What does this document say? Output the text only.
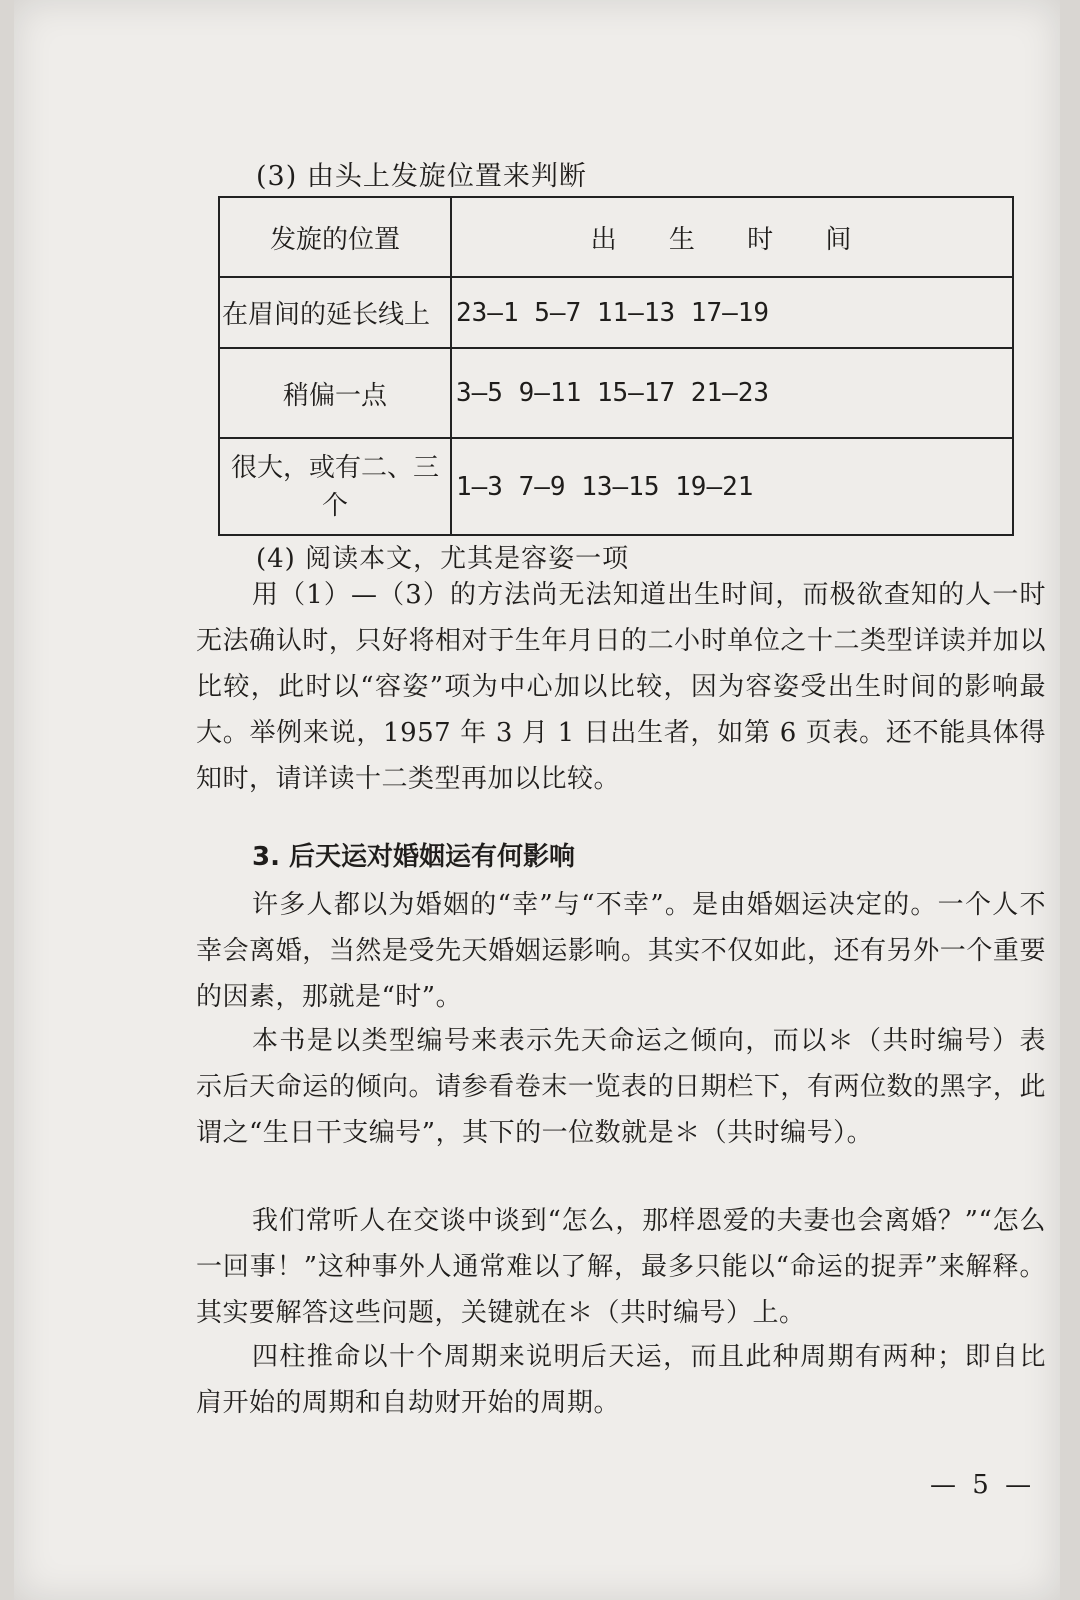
(3) 由头上发旋位置来判断
发旋的位置	出 生 时 间
在眉间的延长线上	23—1 5—7 11—13 17—19
稍偏一点	3—5 9—11 15—17 21—23
很大，或有二、三个	1—3 7—9 13—15 19—21
(4) 阅读本文，尤其是容姿一项
用（1）—（3）的方法尚无法知道出生时间，而极欲查知的人一时无法确认时，只好将相对于生年月日的二小时单位之十二类型详读并加以比较，此时以“容姿”项为中心加以比较，因为容姿受出生时间的影响最大。举例来说，1957 年 3 月 1 日出生者，如第 6 页表。还不能具体得知时，请详读十二类型再加以比较。
3. 后天运对婚姻运有何影响
许多人都以为婚姻的“幸”与“不幸”。是由婚姻运决定的。一个人不幸会离婚，当然是受先天婚姻运影响。其实不仅如此，还有另外一个重要的因素，那就是“时”。
本书是以类型编号来表示先天命运之倾向，而以＊（共时编号）表示后天命运的倾向。请参看卷末一览表的日期栏下，有两位数的黑字，此谓之“生日干支编号”，其下的一位数就是＊（共时编号）。
我们常听人在交谈中谈到“怎么，那样恩爱的夫妻也会离婚？”“怎么一回事！”这种事外人通常难以了解，最多只能以“命运的捉弄”来解释。其实要解答这些问题，关键就在＊（共时编号）上。
四柱推命以十个周期来说明后天运，而且此种周期有两种；即自比肩开始的周期和自劫财开始的周期。
— 5 —
